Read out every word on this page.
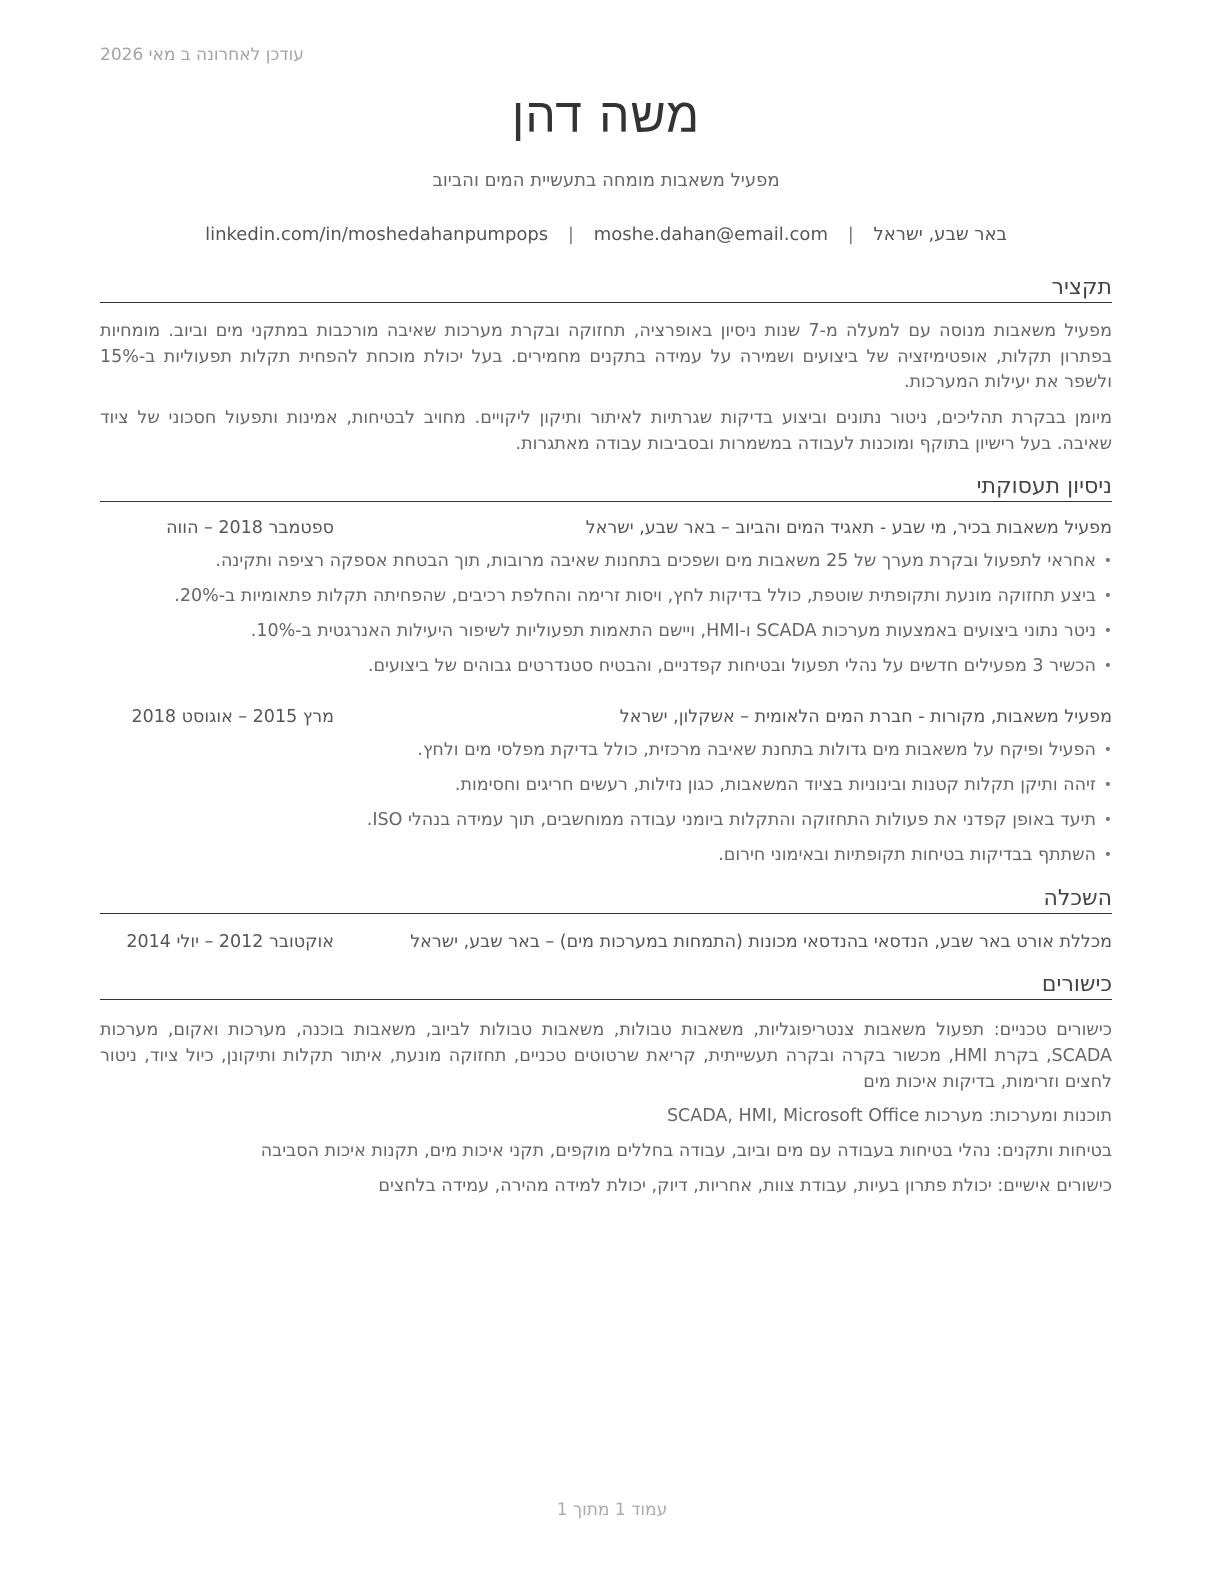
עודכן לאחרונה ב מאי 2026
משה דהן
מפעיל משאבות מומחה בתעשיית המים והביוב
באר שבע, ישראל | moshe.dahan@email.com | linkedin.com/in/moshedahanpumpops
תקציר
מפעיל משאבות מנוסה עם למעלה מ-7 שנות ניסיון באופרציה, תחזוקה ובקרת מערכות שאיבה מורכבות במתקני מים וביוב. מומחיות בפתרון תקלות, אופטימיזציה של ביצועים ושמירה על עמידה בתקנים מחמירים. בעל יכולת מוכחת להפחית תקלות תפעוליות ב-15% ולשפר את יעילות המערכות.
מיומן בבקרת תהליכים, ניטור נתונים וביצוע בדיקות שגרתיות לאיתור ותיקון ליקויים. מחויב לבטיחות, אמינות ותפעול חסכוני של ציוד שאיבה. בעל רישיון בתוקף ומוכנות לעבודה במשמרות ובסביבות עבודה מאתגרות.
ניסיון תעסוקתי
מפעיל משאבות בכיר, מי שבע - תאגיד המים והביוב – באר שבע, ישראל
ספטמבר 2018 – הווה
•
אחראי לתפעול ובקרת מערך של 25 משאבות מים ושפכים בתחנות שאיבה מרובות, תוך הבטחת אספקה רציפה ותקינה.
•
ביצע תחזוקה מונעת ותקופתית שוטפת, כולל בדיקות לחץ, ויסות זרימה והחלפת רכיבים, שהפחיתה תקלות פתאומיות ב-20%.
•
ניטר נתוני ביצועים באמצעות מערכות SCADA ו-HMI, ויישם התאמות תפעוליות לשיפור היעילות האנרגטית ב-10%.
•
הכשיר 3 מפעילים חדשים על נהלי תפעול ובטיחות קפדניים, והבטיח סטנדרטים גבוהים של ביצועים.
מפעיל משאבות, מקורות - חברת המים הלאומית – אשקלון, ישראל
מרץ 2015 – אוגוסט 2018
•
הפעיל ופיקח על משאבות מים גדולות בתחנת שאיבה מרכזית, כולל בדיקת מפלסי מים ולחץ.
•
זיהה ותיקן תקלות קטנות ובינוניות בציוד המשאבות, כגון נזילות, רעשים חריגים וחסימות.
•
תיעד באופן קפדני את פעולות התחזוקה והתקלות ביומני עבודה ממוחשבים, תוך עמידה בנהלי ISO.
•
השתתף בבדיקות בטיחות תקופתיות ובאימוני חירום.
השכלה
מכללת אורט באר שבע, הנדסאי בהנדסאי מכונות (התמחות במערכות מים) – באר שבע, ישראל
אוקטובר 2012 – יולי 2014
כישורים
כישורים טכניים: תפעול משאבות צנטריפוגליות, משאבות טבולות, משאבות טבולות לביוב, משאבות בוכנה, מערכות ואקום, מערכות SCADA, בקרת HMI, מכשור בקרה ובקרה תעשייתית, קריאת שרטוטים טכניים, תחזוקה מונעת, איתור תקלות ותיקונן, כיול ציוד, ניטור לחצים וזרימות, בדיקות איכות מים
תוכנות ומערכות: מערכות SCADA, HMI, Microsoft Office
בטיחות ותקנים: נהלי בטיחות בעבודה עם מים וביוב, עבודה בחללים מוקפים, תקני איכות מים, תקנות איכות הסביבה
כישורים אישיים: יכולת פתרון בעיות, עבודת צוות, אחריות, דיוק, יכולת למידה מהירה, עמידה בלחצים
עמוד 1 מתוך 1
